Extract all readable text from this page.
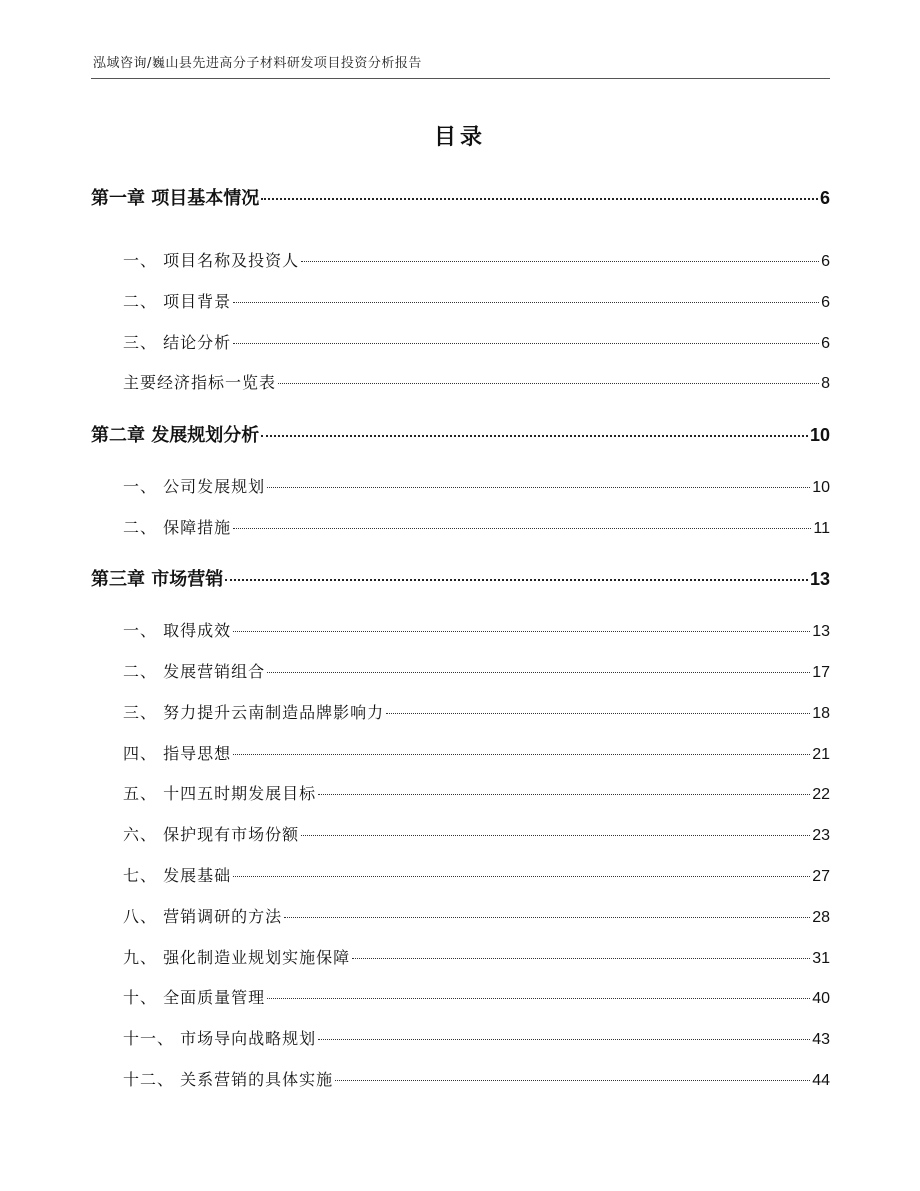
泓域咨询/巍山县先进高分子材料研发项目投资分析报告
目录
第一章 项目基本情况	6
一、 项目名称及投资人	6
二、 项目背景	6
三、 结论分析	6
主要经济指标一览表	8
第二章 发展规划分析	10
一、 公司发展规划	10
二、 保障措施	11
第三章 市场营销	13
一、 取得成效	13
二、 发展营销组合	17
三、 努力提升云南制造品牌影响力	18
四、 指导思想	21
五、 十四五时期发展目标	22
六、 保护现有市场份额	23
七、 发展基础	27
八、 营销调研的方法	28
九、 强化制造业规划实施保障	31
十、 全面质量管理	40
十一、 市场导向战略规划	43
十二、 关系营销的具体实施	44
